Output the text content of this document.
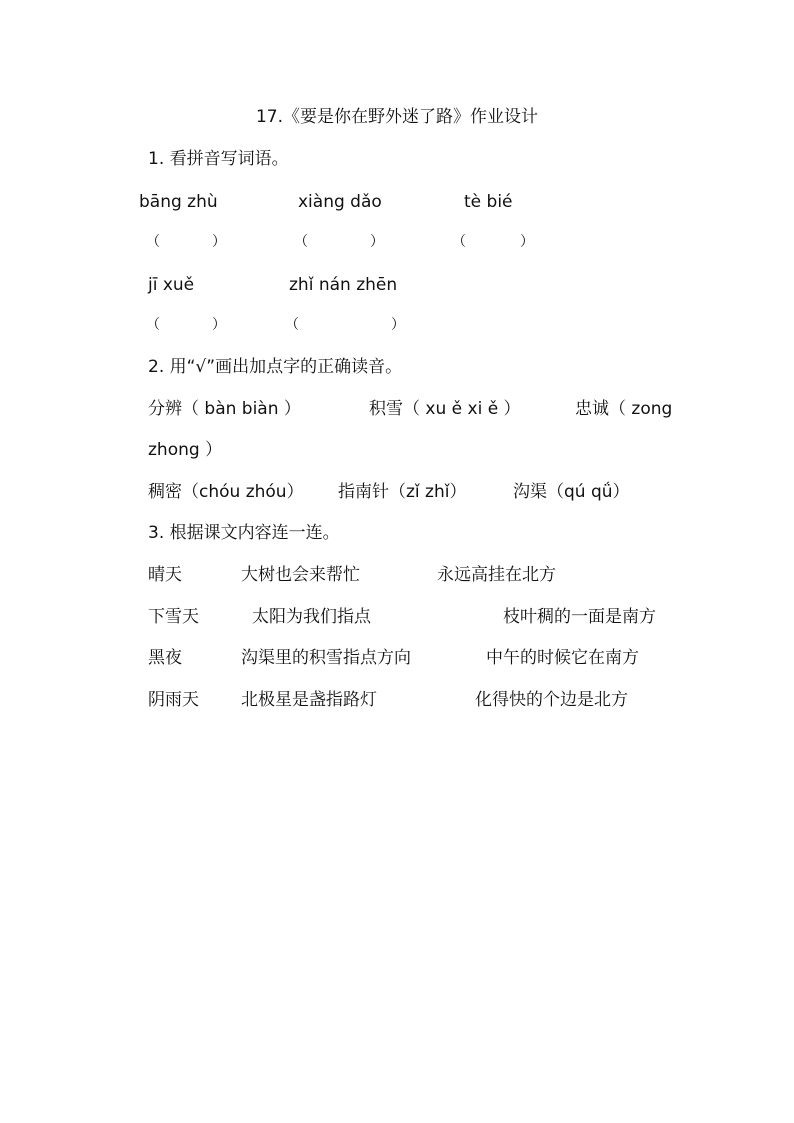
17.《要是你在野外迷了路》作业设计
1. 看拼音写词语。
bāng zhù	xiàng dǎo	tè bié
（	）	（	）	（	）
jī xuě	zhǐ nán zhēn
（	）	（	）
2. 用“√”画出加点字的正确读音。
分辨（ bàn biàn ）	积雪（ xu ě xi ě ）	忠诚（ zong
zhong ）
稠密（chóu zhóu） 指南针（zǐ zhǐ）	沟渠（qú qǘ）
3. 根据课文内容连一连。
晴天	大树也会来帮忙	永远高挂在北方
下雪天	太阳为我们指点	枝叶稠的一面是南方
黑夜	沟渠里的积雪指点方向	中午的时候它在南方
阴雨天 北极星是盏指路灯	化得快的个边是北方
